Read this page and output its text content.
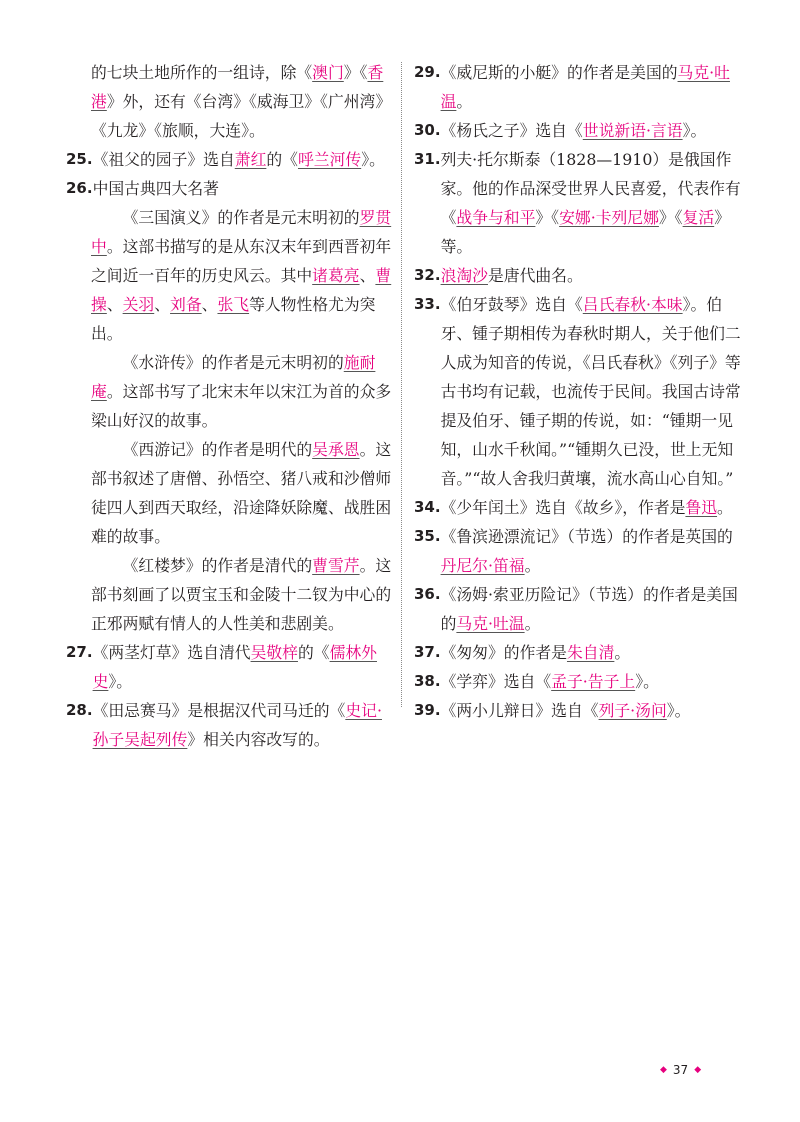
的七块土地所作的一组诗，除《澳门》《香港》外，还有《台湾》《威海卫》《广州湾》《九龙》《旅顺，大连》。
25. 《祖父的园子》选自萧红的《呼兰河传》。
26. 中国古典四大名著
《三国演义》的作者是元末明初的罗贯中。这部书描写的是从东汉末年到西晋初年之间近一百年的历史风云。其中诸葛亮、曹操、关羽、刘备、张飞等人物性格尤为突出。
《水浒传》的作者是元末明初的施耐庵。这部书写了北宋末年以宋江为首的众多梁山好汉的故事。
《西游记》的作者是明代的吴承恩。这部书叙述了唐僧、孙悟空、猪八戒和沙僧师徒四人到西天取经，沿途降妖除魔、战胜困难的故事。
《红楼梦》的作者是清代的曹雪芹。这部书刻画了以贾宝玉和金陵十二钗为中心的正邪两赋有情人的人性美和悲剧美。
27. 《两茎灯草》选自清代吴敬梓的《儒林外史》。
28. 《田忌赛马》是根据汉代司马迁的《史记·孙子吴起列传》相关内容改写的。
29. 《威尼斯的小艇》的作者是美国的马克·吐温。
30. 《杨氏之子》选自《世说新语·言语》。
31. 列夫·托尔斯泰（1828—1910）是俄国作家。他的作品深受世界人民喜爱，代表作有《战争与和平》《安娜·卡列尼娜》《复活》等。
32. 浪淘沙是唐代曲名。
33. 《伯牙鼓琴》选自《吕氏春秋·本味》。伯牙、锺子期相传为春秋时期人，关于他们二人成为知音的传说，《吕氏春秋》《列子》等古书均有记载，也流传于民间。我国古诗常提及伯牙、锺子期的传说，如：“锺期一见知，山水千秋闻。”“锺期久已没，世上无知音。”“故人舍我归黄壤，流水高山心自知。”
34. 《少年闰土》选自《故乡》，作者是鲁迅。
35. 《鲁滨逊漂流记》（节选）的作者是英国的丹尼尔·笛福。
36. 《汤姆·索亚历险记》（节选）的作者是美国的马克·吐温。
37. 《匆匆》的作者是朱自清。
38. 《学弈》选自《孟子·告子上》。
39. 《两小儿辩日》选自《列子·汤问》。
◆ 37 ◆
